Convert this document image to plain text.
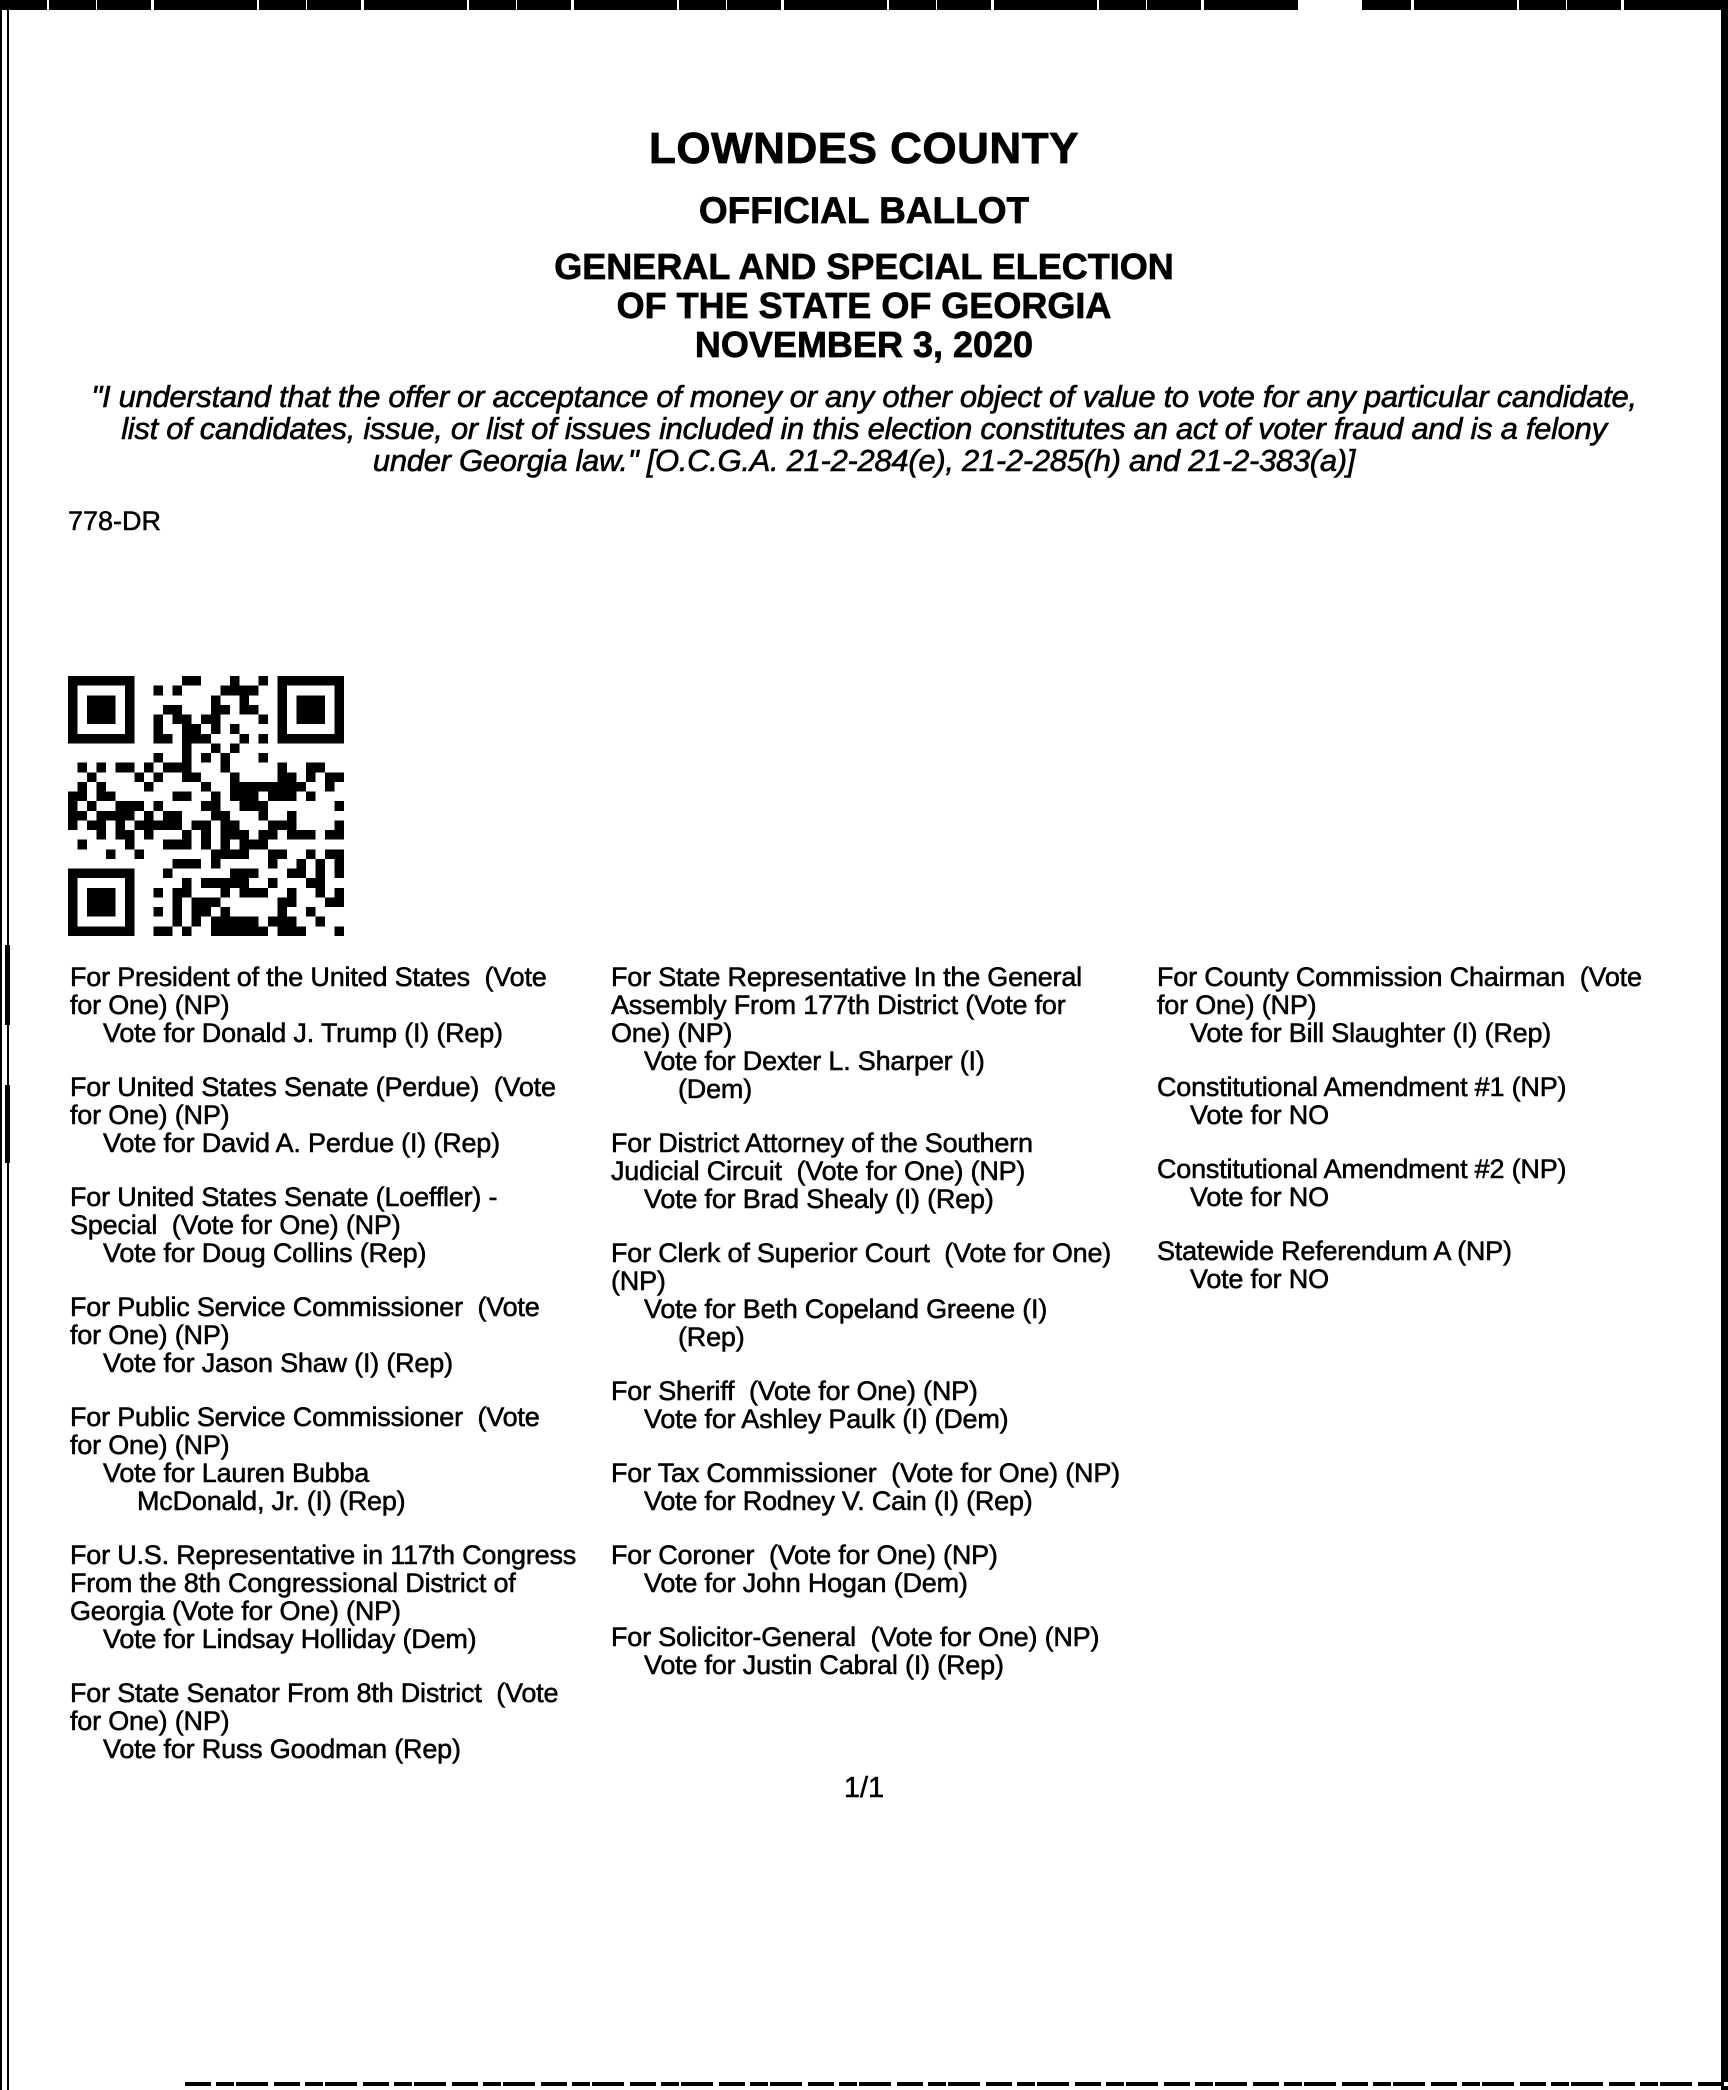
LOWNDES COUNTY
OFFICIAL BALLOT
GENERAL AND SPECIAL ELECTION
OF THE STATE OF GEORGIA
NOVEMBER 3, 2020
"I understand that the offer or acceptance of money or any other object of value to vote for any particular candidate,
list of candidates, issue, or list of issues included in this election constitutes an act of voter fraud and is a felony
under Georgia law." [O.C.G.A. 21-2-284(e), 21-2-285(h) and 21-2-383(a)]
778-DR
For President of the United States  (Vote
for One) (NP)
Vote for Donald J. Trump (I) (Rep)
For United States Senate (Perdue)  (Vote
for One) (NP)
Vote for David A. Perdue (I) (Rep)
For United States Senate (Loeffler) -
Special  (Vote for One) (NP)
Vote for Doug Collins (Rep)
For Public Service Commissioner  (Vote
for One) (NP)
Vote for Jason Shaw (I) (Rep)
For Public Service Commissioner  (Vote
for One) (NP)
Vote for Lauren Bubba
McDonald, Jr. (I) (Rep)
For U.S. Representative in 117th Congress
From the 8th Congressional District of
Georgia (Vote for One) (NP)
Vote for Lindsay Holliday (Dem)
For State Senator From 8th District  (Vote
for One) (NP)
Vote for Russ Goodman (Rep)
For State Representative In the General
Assembly From 177th District (Vote for
One) (NP)
Vote for Dexter L. Sharper (I)
(Dem)
For District Attorney of the Southern
Judicial Circuit  (Vote for One) (NP)
Vote for Brad Shealy (I) (Rep)
For Clerk of Superior Court  (Vote for One)
(NP)
Vote for Beth Copeland Greene (I)
(Rep)
For Sheriff  (Vote for One) (NP)
Vote for Ashley Paulk (I) (Dem)
For Tax Commissioner  (Vote for One) (NP)
Vote for Rodney V. Cain (I) (Rep)
For Coroner  (Vote for One) (NP)
Vote for John Hogan (Dem)
For Solicitor-General  (Vote for One) (NP)
Vote for Justin Cabral (I) (Rep)
For County Commission Chairman  (Vote
for One) (NP)
Vote for Bill Slaughter (I) (Rep)
Constitutional Amendment #1 (NP)
Vote for NO
Constitutional Amendment #2 (NP)
Vote for NO
Statewide Referendum A (NP)
Vote for NO
1/1
